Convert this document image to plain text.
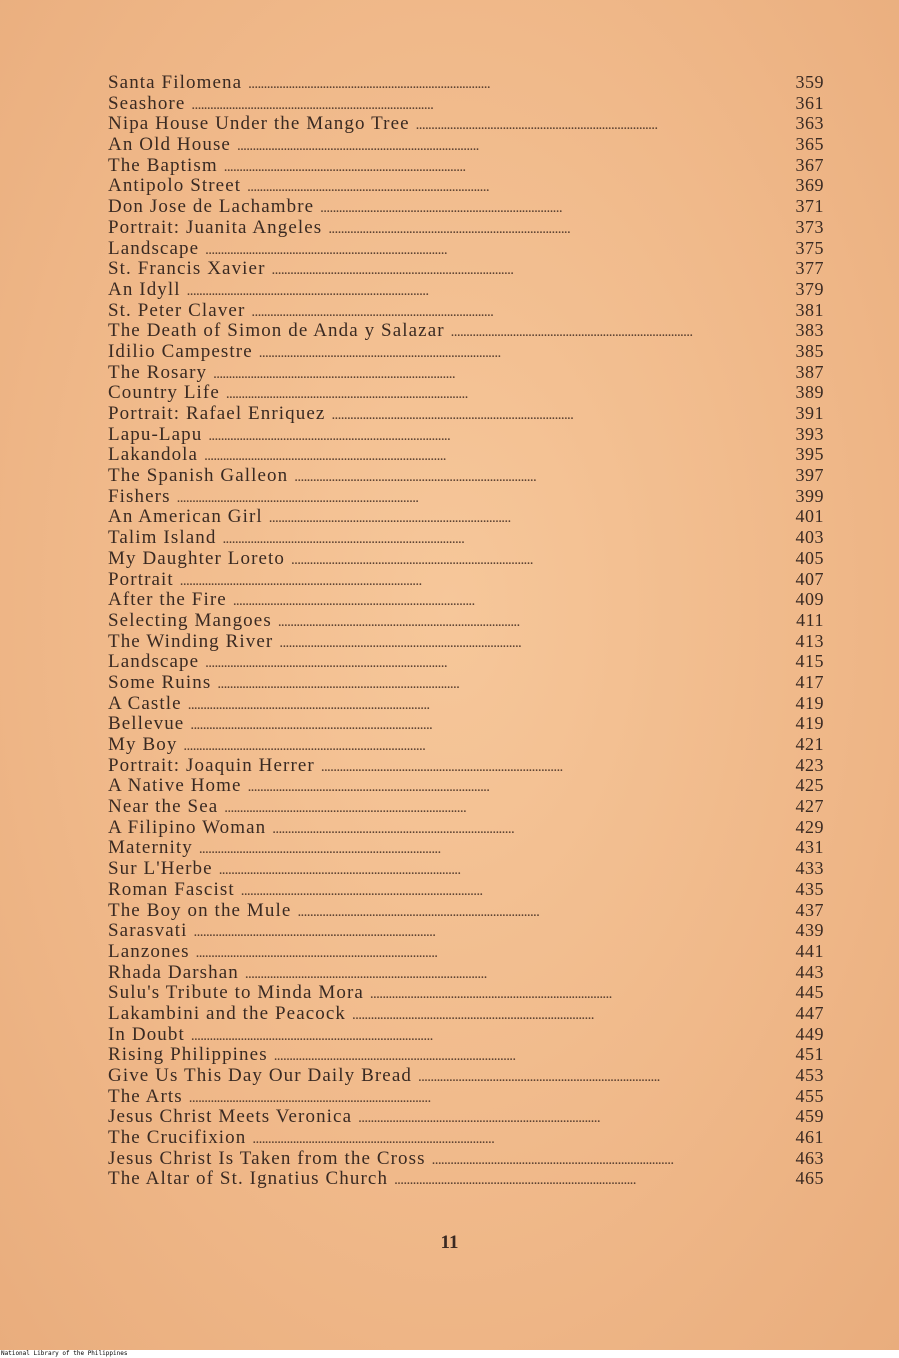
Santa Filomena . . .	359
Seashore . . .	361
Nipa House Under the Mango Tree . . .	363
An Old House . . .	365
The Baptism . . .	367
Antipolo Street . . .	369
Don Jose de Lachambre . . .	371
Portrait: Juanita Angeles . . .	373
Landscape . . .	375
St. Francis Xavier . . .	377
An Idyll . . .	379
St. Peter Claver . . .	381
The Death of Simon de Anda y Salazar . . .	383
Idilio Campestre . . .	385
The Rosary . . .	387
Country Life . . .	389
Portrait: Rafael Enriquez . . .	391
Lapu-Lapu . . .	393
Lakandola . . .	395
The Spanish Galleon . . .	397
Fishers . . .	399
An American Girl . . .	401
Talim Island . . .	403
My Daughter Loreto . . .	405
Portrait . . .	407
After the Fire . . .	409
Selecting Mangoes . . .	411
The Winding River . . .	413
Landscape . . .	415
Some Ruins . . .	417
A Castle . . .	419
Bellevue . . .	419
My Boy . . .	421
Portrait: Joaquin Herrer . . .	423
A Native Home . . .	425
Near the Sea . . .	427
A Filipino Woman . . .	429
Maternity . . .	431
Sur L'Herbe . . .	433
Roman Fascist . . .	435
The Boy on the Mule . . .	437
Sarasvati . . .	439
Lanzones . . .	441
Rhada Darshan . . .	443
Sulu's Tribute to Minda Mora . . .	445
Lakambini and the Peacock . . .	447
In Doubt . . .	449
Rising Philippines . . .	451
Give Us This Day Our Daily Bread . . .	453
The Arts . . .	455
Jesus Christ Meets Veronica . . .	459
The Crucifixion . . .	461
Jesus Christ Is Taken from the Cross . . .	463
The Altar of St. Ignatius Church . . .	465
11
National Library of the Philippines
